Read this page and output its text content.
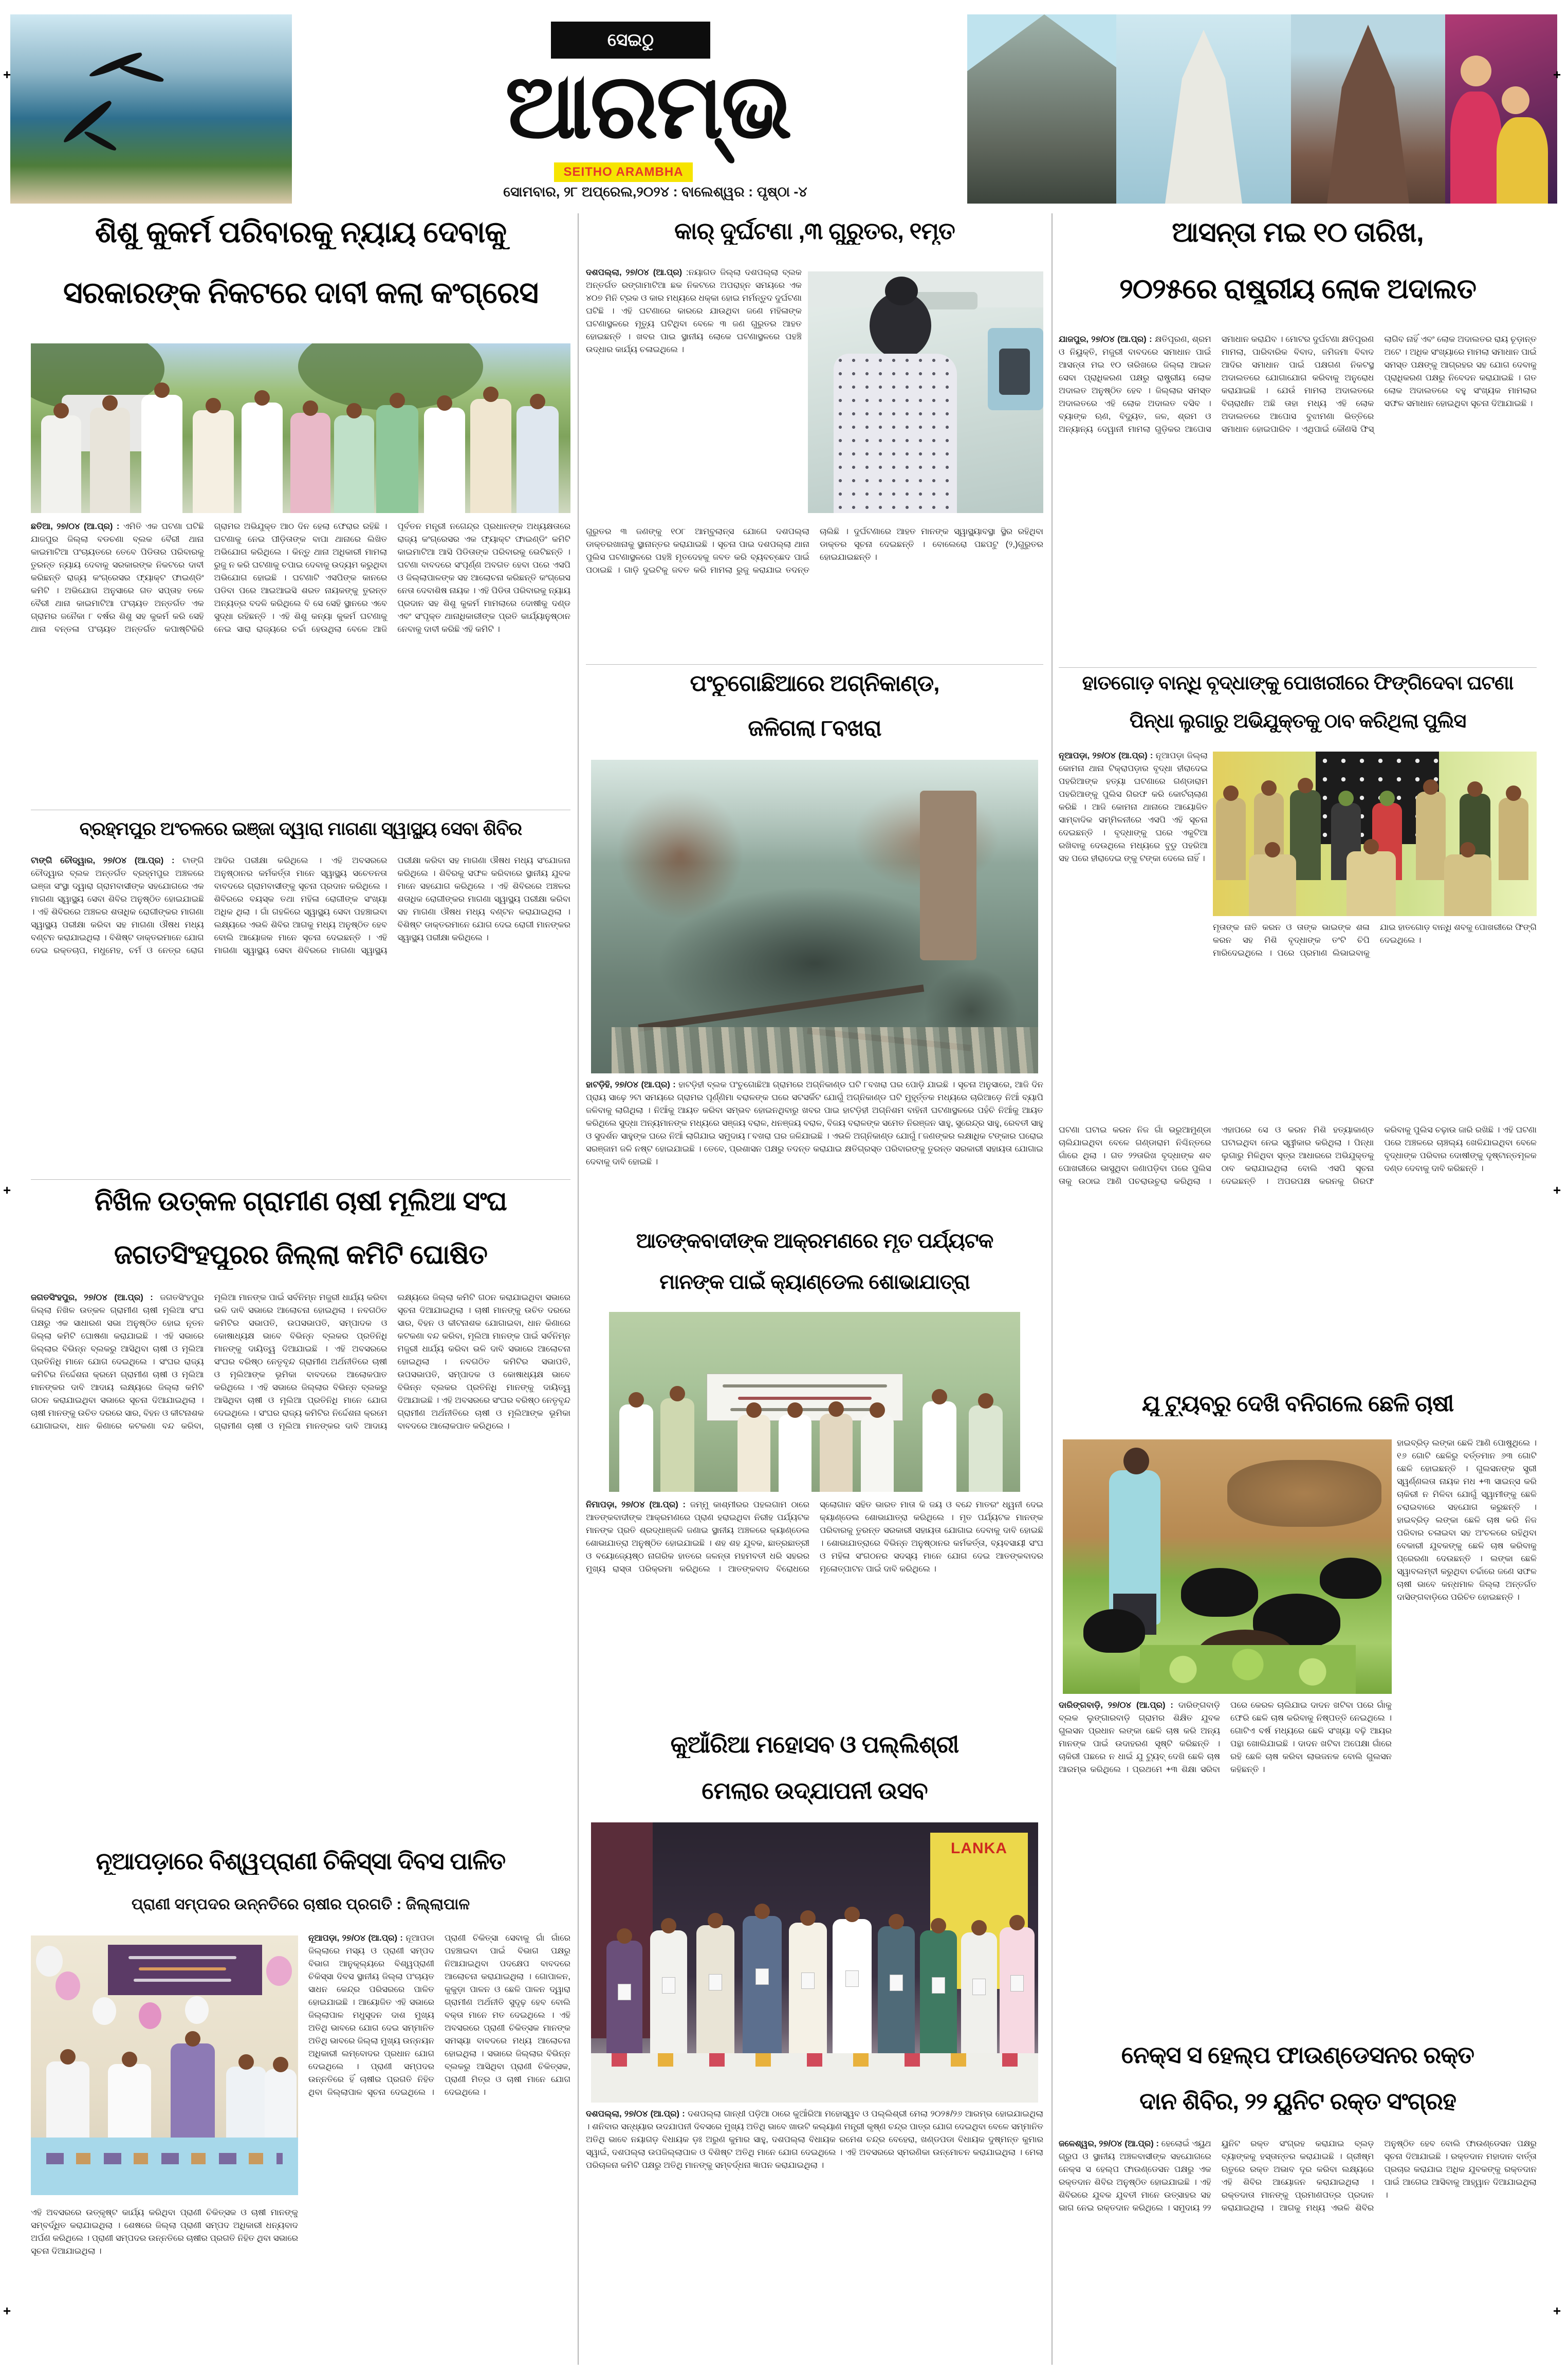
ସେଇଠୁ
ଆରମ୍ଭ
SEITHO ARAMBHA
ସୋମବାର, ୨୮ ଅପ୍ରେଲ,୨୦୨୪ : ବାଲେଶ୍ୱର : ପୃଷ୍ଠା -୪
+	+
+	+
+	+
ଶିଶୁ କୁକର୍ମ ପରିବାରକୁ ନ୍ୟାୟ ଦେବାକୁ
ସରକାରଙ୍କ ନିକଟରେ ଦାବୀ କଲା କଂଗ୍ରେସ
ଛତିଆ, ୨୭/୦୪ (ଆ.ପ୍ର) : ଏମିତି ଏକ ଘଟଣା ଘଟିଛି ଯାଜପୁର ଜିଲ୍ଲା ବଡଚଣା ବ୍ଲକ ବୈରୀ ଥାନା କାଇମାଟିଆ ପଂଚାୟତରେ ତେବେ ପିଡିତାର ପରିବାରକୁ ତୁରନ୍ତ ନ୍ୟାୟ ଦେବାକୁ ସରକାରଙ୍କ ନିକଟରେ ଦାବୀ କରିଛନ୍ତି ରାଜ୍ୟ କଂଗ୍ରେସର ଫ୍ୟାକ୍ଟ ଫାଇଣ୍ଡିଂ କମିଟି । ଅଭିଯୋଗ ଅନୁସାରେ ଗତ ସପ୍ତାହ ତଳେ ବୈରୀ ଥାନା କାଇମାଟିଆ ପଂଚାୟତ ଅନ୍ତର୍ଗତ ଏକ ଗ୍ରାମର ଜନୈକା ୮ ବର୍ଷର ଶିଶୁ ସହ କୁକର୍ମ କରି ସେହି ଥାନା ବନ୍ତଳା ପଂଚାୟତ ଅନ୍ତର୍ଗତ କପାଷ୍ଟିକିରି ଗ୍ରାମର ଅଭିଯୁକ୍ତ ଆଠ ଦିନ ହେଲା ଫେରାର ରହିଛି । ଘଟଣାକୁ ନେଇ ପୀଡ଼ିତାଙ୍କ ବାପା ଥାନାରେ ଲିଖିତ ଅଭିଯୋଗ କରିଥିଲେ । କିନ୍ତୁ ଥାନା ଅଧିକାରୀ ମାମଲା ରୁଜୁ ନ କରି ଘଟଣାକୁ ଚପାଇ ଦେବାକୁ ଉଦ୍ୟମ କରୁଥିବା ଅଭିଯୋଗ ହୋଇଛି । ଘଟଣାଟି ଏସପିଙ୍କ କାନରେ ପଡିବା ପରେ ଆଇଆଇସି ଶରତ ନାୟକଙ୍କୁ ତୁରନ୍ତ ଅନ୍ୟତ୍ର ବଦଳି କରିଥିଲେ ବି ସେ ସେହି ସ୍ଥାନରେ ଏବେ ସୁଦ୍ଧା ରହିଛନ୍ତି । ଏହି ଶିଶୁ କନ୍ୟା କୁକର୍ମ ଘଟଣାକୁ ନେଇ ସାରା ରାଜ୍ୟରେ ଚର୍ଚ୍ଚା ହେଉଥିଲା ବେଳେ ଆଜି ପୂର୍ବତନ ମନ୍ତ୍ରୀ ନଗେନ୍ଦ୍ର ପ୍ରଧାନଙ୍କ ଅଧ୍ୟକ୍ଷତାରେ ରାଜ୍ୟ କଂଗ୍ରେସର ଏକ ଫ୍ୟାକ୍ଟ ଫାଇଣ୍ଡିଂ କମିଟି କାଇମାଟିଆ ଆସି ପିଡିତାଙ୍କ ପରିବାରକୁ ଭେଟିଛନ୍ତି । ଘଟଣା ବାବଦରେ ସଂପୂର୍ଣ୍ଣ ଅବଗତ ହେବା ପରେ ଏସପି ଓ ଜିଲ୍ଲାପାଳଙ୍କ ସହ ଆଲୋଚନା କରିଛନ୍ତି କଂଗ୍ରେସ ନେତା ଦେବାଶିଷ ନାୟକ । ଏହି ପିଡିତା ପରିବାରକୁ ନ୍ୟାୟ ପ୍ରଦାନ ସହ ଶିଶୁ କୁକର୍ମ ମାମଲାରେ ଦୋଷୀକୁ ଦଣ୍ଡ ଏବଂ ସଂପୃକ୍ତ ଥାନାଧିକାରୀଙ୍କ ପ୍ରତି କାର୍ଯ୍ୟାନୁଷ୍ଠାନ ନେବାକୁ ଦାବୀ କରିଛି ଏହି କମିଟି ।
ବ୍ରହ୍ମପୁର ଅଂଚଳରେ ଇଞ୍ଜା ଦ୍ୱାରା ମାଗଣା ସ୍ୱାସ୍ଥ୍ୟ ସେବା ଶିବିର
ଟାଙ୍ଗି ଚୌଦ୍ୱାର, ୨୭/୦୪ (ଆ.ପ୍ର) : ଟାଙ୍ଗି ଚୌଦ୍ୱାର ବ୍ଲକ ଅନ୍ତର୍ଗତ ବ୍ରହ୍ମପୁର ଅଞ୍ଚଳରେ ଇଞ୍ଜା ସଂସ୍ଥା ଦ୍ୱାରା ଗ୍ରାମବାସୀଙ୍କ ସହଯୋଗରେ ଏକ ମାଗଣା ସ୍ୱାସ୍ଥ୍ୟ ସେବା ଶିବିର ଅନୁଷ୍ଠିତ ହୋଇଯାଇଛି । ଏହି ଶିବିରରେ ଅଞ୍ଚଳର ଶତାଧିକ ରୋଗୀଙ୍କର ମାଗଣା ସ୍ୱାସ୍ଥ୍ୟ ପରୀକ୍ଷା କରିବା ସହ ମାଗଣା ଔଷଧ ମଧ୍ୟ ବଣ୍ଟନ କରାଯାଇଥିଲା । ବିଶିଷ୍ଟ ଡାକ୍ତରମାନେ ଯୋଗ ଦେଇ ରକ୍ତଚାପ, ମଧୁମେହ, ଚର୍ମ ଓ ନେତ୍ର ରୋଗ ଆଦିର ପରୀକ୍ଷା କରିଥିଲେ । ଏହି ଅବସରରେ ଅନୁଷ୍ଠାନର କର୍ମକର୍ତ୍ତା ମାନେ ସ୍ୱାସ୍ଥ୍ୟ ସଚେତନତା ବାବଦରେ ଗ୍ରାମବାସୀଙ୍କୁ ସୂଚନା ପ୍ରଦାନ କରିଥିଲେ । ଶିବିରରେ ବୟସ୍କ ତଥା ମହିଳା ରୋଗୀଙ୍କ ସଂଖ୍ୟା ଅଧିକ ଥିଲା । ଗାଁ ଗହଳିରେ ସ୍ୱାସ୍ଥ୍ୟ ସେବା ପହଞ୍ଚାଇବା ଲକ୍ଷ୍ୟରେ ଏଭଳି ଶିବିର ଆଗକୁ ମଧ୍ୟ ଅନୁଷ୍ଠିତ ହେବ ବୋଲି ଆୟୋଜକ ମାନେ ସୂଚନା ଦେଇଛନ୍ତି । ଏହି ମାଗଣା ସ୍ୱାସ୍ଥ୍ୟ ସେବା ଶିବିରରେ ମାଗଣା ସ୍ୱାସ୍ଥ୍ୟ ପରୀକ୍ଷା କରିବା ସହ ମାଗଣା ଔଷଧ ମଧ୍ୟ ସଂଯୋଜନା କରିଥିଲେ । ଶିବିରକୁ ସଫଳ କରିବାରେ ସ୍ଥାନୀୟ ଯୁବକ ମାନେ ସହଯୋଗ କରିଥିଲେ । ଏହି ଶିବିରରେ ଅଞ୍ଚଳର ଶତାଧିକ ରୋଗୀଙ୍କର ମାଗଣା ସ୍ୱାସ୍ଥ୍ୟ ପରୀକ୍ଷା କରିବା ସହ ମାଗଣା ଔଷଧ ମଧ୍ୟ ବଣ୍ଟନ କରାଯାଇଥିଲା । ବିଶିଷ୍ଟ ଡାକ୍ତରମାନେ ଯୋଗ ଦେଇ ରୋଗୀ ମାନଙ୍କର ସ୍ୱାସ୍ଥ୍ୟ ପରୀକ୍ଷା କରିଥିଲେ ।
ନିଖିଳ ଉତ୍କଳ ଗ୍ରାମୀଣ ଚାଷୀ ମୂଲିଆ ସଂଘ
ଜଗତସିଂହପୁରର ଜିଲ୍ଲା କମିଟି ଘୋଷିତ
ଜଗତସିଂହପୁର, ୨୭/୦୪ (ଆ.ପ୍ର) : ଜଗତସିଂହପୁର ଜିଲ୍ଲା ନିଖିଳ ଉତ୍କଳ ଗ୍ରାମୀଣ ଚାଷୀ ମୂଲିଆ ସଂଘ ପକ୍ଷରୁ ଏକ ସାଧାରଣ ସଭା ଅନୁଷ୍ଠିତ ହୋଇ ନୂତନ ଜିଲ୍ଲା କମିଟି ଘୋଷଣା କରାଯାଇଛି । ଏହି ସଭାରେ ଜିଲ୍ଲାର ବିଭିନ୍ନ ବ୍ଲକରୁ ଆସିଥିବା ଚାଷୀ ଓ ମୂଲିଆ ପ୍ରତିନିଧି ମାନେ ଯୋଗ ଦେଇଥିଲେ । ସଂଘର ରାଜ୍ୟ କମିଟିର ନିର୍ଦ୍ଦେଶନା କ୍ରମେ ଗ୍ରାମୀଣ ଚାଷୀ ଓ ମୂଲିଆ ମାନଙ୍କର ଦାବି ଆଦାୟ ଲକ୍ଷ୍ୟରେ ଜିଲ୍ଲା କମିଟି ଗଠନ କରାଯାଇଥିବା ସଭାରେ ସୂଚନା ଦିଆଯାଇଥିଲା । ଚାଷୀ ମାନଙ୍କୁ ଉଚିତ ଦରରେ ସାର, ବିହନ ଓ କୀଟନାଶକ ଯୋଗାଇବା, ଧାନ କିଣାରେ କଟକଣା ବନ୍ଦ କରିବା, ମୂଲିଆ ମାନଙ୍କ ପାଇଁ ସର୍ବନିମ୍ନ ମଜୁରୀ ଧାର୍ଯ୍ୟ କରିବା ଭଳି ଦାବି ସଭାରେ ଆଲୋଚନା ହୋଇଥିଲା । ନବଗଠିତ କମିଟିର ସଭାପତି, ଉପସଭାପତି, ସମ୍ପାଦକ ଓ କୋଷାଧ୍ୟକ୍ଷ ଭାବେ ବିଭିନ୍ନ ବ୍ଲକର ପ୍ରତିନିଧି ମାନଙ୍କୁ ଦାୟିତ୍ୱ ଦିଆଯାଇଛି । ଏହି ଅବସରରେ ସଂଘର ବରିଷ୍ଠ ନେତୃବୃନ୍ଦ ଗ୍ରାମୀଣ ଅର୍ଥନୀତିରେ ଚାଷୀ ଓ ମୂଲିଆଙ୍କ ଭୂମିକା ବାବଦରେ ଆଲୋକପାତ କରିଥିଲେ । ଏହି ସଭାରେ ଜିଲ୍ଲାର ବିଭିନ୍ନ ବ୍ଲକରୁ ଆସିଥିବା ଚାଷୀ ଓ ମୂଲିଆ ପ୍ରତିନିଧି ମାନେ ଯୋଗ ଦେଇଥିଲେ । ସଂଘର ରାଜ୍ୟ କମିଟିର ନିର୍ଦ୍ଦେଶନା କ୍ରମେ ଗ୍ରାମୀଣ ଚାଷୀ ଓ ମୂଲିଆ ମାନଙ୍କର ଦାବି ଆଦାୟ ଲକ୍ଷ୍ୟରେ ଜିଲ୍ଲା କମିଟି ଗଠନ କରାଯାଇଥିବା ସଭାରେ ସୂଚନା ଦିଆଯାଇଥିଲା । ଚାଷୀ ମାନଙ୍କୁ ଉଚିତ ଦରରେ ସାର, ବିହନ ଓ କୀଟନାଶକ ଯୋଗାଇବା, ଧାନ କିଣାରେ କଟକଣା ବନ୍ଦ କରିବା, ମୂଲିଆ ମାନଙ୍କ ପାଇଁ ସର୍ବନିମ୍ନ ମଜୁରୀ ଧାର୍ଯ୍ୟ କରିବା ଭଳି ଦାବି ସଭାରେ ଆଲୋଚନା ହୋଇଥିଲା । ନବଗଠିତ କମିଟିର ସଭାପତି, ଉପସଭାପତି, ସମ୍ପାଦକ ଓ କୋଷାଧ୍ୟକ୍ଷ ଭାବେ ବିଭିନ୍ନ ବ୍ଲକର ପ୍ରତିନିଧି ମାନଙ୍କୁ ଦାୟିତ୍ୱ ଦିଆଯାଇଛି । ଏହି ଅବସରରେ ସଂଘର ବରିଷ୍ଠ ନେତୃବୃନ୍ଦ ଗ୍ରାମୀଣ ଅର୍ଥନୀତିରେ ଚାଷୀ ଓ ମୂଲିଆଙ୍କ ଭୂମିକା ବାବଦରେ ଆଲୋକପାତ କରିଥିଲେ ।
ନୂଆପଡ଼ାରେ ବିଶ୍ୱପ୍ରାଣୀ ଚିକିସ୍ସା ଦିବସ ପାଳିତ
ପ୍ରାଣୀ ସମ୍ପଦର ଉନ୍ନତିରେ ଚାଷୀର ପ୍ରଗତି : ଜିଲ୍ଲାପାଳ
ନୂଆପଡ଼ା, ୨୭/୦୪ (ଆ.ପ୍ର) : ନୂଆପଡା ଜିଲ୍ଲାରେ ମସ୍ୟ ଓ ପ୍ରାଣୀ ସମ୍ପଦ ବିଭାଗ ଆନୁକୂଲ୍ୟରେ ବିଶ୍ୱପ୍ରାଣୀ ଚିକିସ୍ସା ଦିବସ ସ୍ଥାନୀୟ ଜିଲ୍ଲା ପଂଚାୟତ ସାଧନ କେନ୍ଦ୍ର ପରିସରରେ ପାଳିତ ହୋଇଯାଇଛି । ଆୟୋଜିତ ଏହି ସଭାରେ ଜିଲ୍ଲାପାଳ ମଧୁସୂଦନ ଦାଶ ମୁଖ୍ୟ ଅତିଥି ଭାବରେ ଯୋଗ ଦେଇ ସମ୍ମାନିତ ଅତିଥି ଭାବରେ ଜିଲ୍ଲା ମୁଖ୍ୟ ଉନ୍ନୟନ ଅଧିକାରୀ ଲମ୍ବୋଦର ପ୍ରଧାନ ଯୋଗ ଦେଇଥିଲେ । ପ୍ରାଣୀ ସମ୍ପଦର ଉନ୍ନତିରେ ହିଁ ଚାଷୀର ପ୍ରଗତି ନିହିତ ଥିବା ଜିଲ୍ଲାପାଳ ସୂଚନା ଦେଇଥିଲେ । ପ୍ରାଣୀ ଚିକିତ୍ସା ସେବାକୁ ଗାଁ ଗାଁରେ ପହଞ୍ଚାଇବା ପାଇଁ ବିଭାଗ ପକ୍ଷରୁ ନିଆଯାଇଥିବା ପଦକ୍ଷେପ ବାବଦରେ ଆଲୋଚନା କରାଯାଇଥିଲା । ଗୋପାଳନ, କୁକୁଡ଼ା ପାଳନ ଓ ଛେଳି ପାଳନ ଦ୍ୱାରା ଗ୍ରାମୀଣ ଅର୍ଥନୀତି ସୁଦୃଢ଼ ହେବ ବୋଲି ବକ୍ତା ମାନେ ମତ ଦେଇଥିଲେ । ଏହି ଅବସରରେ ପ୍ରାଣୀ ଚିକିତ୍ସକ ମାନଙ୍କ ସମସ୍ୟା ବାବଦରେ ମଧ୍ୟ ଆଲୋଚନା ହୋଇଥିଲା । ସଭାରେ ଜିଲ୍ଲାର ବିଭିନ୍ନ ବ୍ଲକରୁ ଆସିଥିବା ପ୍ରାଣୀ ଚିକିତ୍ସକ, ପ୍ରାଣୀ ମିତ୍ର ଓ ଚାଷୀ ମାନେ ଯୋଗ ଦେଇଥିଲେ ।
ଏହି ଅବସରରେ ଉତ୍କୃଷ୍ଟ କାର୍ଯ୍ୟ କରିଥିବା ପ୍ରାଣୀ ଚିକିତ୍ସକ ଓ ଚାଷୀ ମାନଙ୍କୁ ସମ୍ବର୍ଦ୍ଧିତ କରାଯାଇଥିଲା । ଶେଷରେ ଜିଲ୍ଲା ପ୍ରାଣୀ ସମ୍ପଦ ଅଧିକାରୀ ଧନ୍ୟବାଦ ଅର୍ପଣ କରିଥିଲେ । ପ୍ରାଣୀ ସମ୍ପଦର ଉନ୍ନତିରେ ଚାଷୀର ପ୍ରଗତି ନିହିତ ଥିବା ସଭାରେ ସୂଚନା ଦିଆଯାଇଥିଲା ।
କାର୍ ଦୁର୍ଘଟଣା ,୩ ଗୁରୁତର, ୧ମୃତ
ଦଶପଲ୍ଲା, ୨୭/୦୪ (ଆ.ପ୍ର) :ନୟାଗଡ ଜିଲ୍ଲା ଦଶପଲ୍ଲା ବ୍ଲକ ଅନ୍ତର୍ଗତ ରଙ୍ଗାମାଟିଆ ଛକ ନିକଟରେ ଅପରାହ୍ନ ସମୟରେ ଏକ ୪୦୭ ମିନି ଟ୍ରକ ଓ କାର ମଧ୍ୟରେ ଧକ୍କା ହୋଇ ମର୍ମନ୍ତୁଦ ଦୁର୍ଘଟଣା ଘଟିଛି । ଏହି ଘଟଣାରେ କାରରେ ଯାଉଥିବା ଜଣେ ମହିଳାଙ୍କ ଘଟଣାସ୍ଥଳରେ ମୃତ୍ୟୁ ଘଟିଥିବା ବେଳେ ୩ ଜଣ ଗୁରୁତର ଆହତ ହୋଇଛନ୍ତି । ଖବର ପାଇ ସ୍ଥାନୀୟ ଲୋକେ ଘଟଣାସ୍ଥଳରେ ପହଞ୍ଚି ଉଦ୍ଧାର କାର୍ଯ୍ୟ ଚଳାଇଥିଲେ ।
ଗୁରୁତର ୩ ଜଣଙ୍କୁ ୧୦୮ ଆମ୍ବୁଲାନ୍ସ ଯୋଗେ ଦଶପଲ୍ଲା ଡାକ୍ତରଖାନାକୁ ସ୍ଥାନାନ୍ତର କରାଯାଇଛି । ସୂଚନା ପାଇ ଦଶପଲ୍ଲା ଥାନା ପୁଲିସ ଘଟଣାସ୍ଥଳରେ ପହଞ୍ଚି ମୃତଦେହକୁ ଜବତ କରି ବ୍ୟବଚ୍ଛେଦ ପାଇଁ ପଠାଇଛି । ଗାଡ଼ି ଦୁଇଟିକୁ ଜବତ କରି ମାମଲା ରୁଜୁ କରାଯାଇ ତଦନ୍ତ ଚାଲିଛି । ଦୁର୍ଘଟଣାରେ ଆହତ ମାନଙ୍କ ସ୍ୱାସ୍ଥ୍ୟାବସ୍ଥା ସ୍ଥିର ରହିଥିବା ଡାକ୍ତର ସୂଚନା ଦେଇଛନ୍ତି । ବୋଲେରୋ ପଛପଟୁ (୨,)ଗୁରୁତର ହୋଇଯାଇଛନ୍ତି ।
ପଂଚୁଗୋଛିଆରେ ଅଗ୍ନିକାଣ୍ଡ,
ଜଳିଗଲା ୮ବଖରା
ହାଟଡ଼ିହି, ୨୭/୦୪ (ଆ.ପ୍ର) : ହାଟଡ଼ିହୀ ବ୍ଲକ ପଂଚୁଗୋଛିଆ ଗ୍ରାମରେ ଅଗ୍ନିକାଣ୍ଡ ଘଟି ୮ବଖରା ଘର ପୋଡ଼ି ଯାଇଛି । ସୂଚନା ଅନୁସାରେ, ଆଜି ଦିନ ପ୍ରାୟ ସାଢ଼େ ୨ଟା ସମୟରେ ଗ୍ରାମର ପୂର୍ଣ୍ଣିମା ବରାଳଙ୍କ ଘରେ ସଟସର୍କିଟ ଯୋଗୁଁ ଅଗ୍ନିକାଣ୍ଡ ଘଟି ମୁହୂର୍ତ୍ତକ ମଧ୍ୟରେ ଚାରିଆଡ଼େ ନିଆଁ ବ୍ୟାପି ଜଳିବାକୁ ଲାଗିଥିଲା । ନିଆଁକୁ ଆୟତ କରିବା ସମ୍ଭବ ହୋଇନଥିବାରୁ ଖବର ପାଇ ହାଟଡ଼ିହୀ ଅଗ୍ନିଶମ ବାହିନୀ ଘଟଣାସ୍ଥଳରେ ପହଁଚି ନିଆଁକୁ ଆୟତ କରିଥିଲେ ସୁଦ୍ଧା ଅନ୍ୟମାନଙ୍କ ମଧ୍ୟରେ ସଞ୍ଜୟ ବରାଳ, ଧନଞ୍ଜୟ ବରାଳ, ବିଜୟ ବରାଳଙ୍କ ସମେତ ନିରଞ୍ଜନ ସାହୁ, ସୁରେନ୍ଦ୍ର ସାହୁ, ରେବତୀ ସାହୁ ଓ ସୁଦର୍ଶନ ସାହୁଙ୍କ ଘରେ ନିଆଁ ଲାଗିଯାଇ ସମୁଦାୟ ୮ବଖରା ଘର ଜଳିଯାଇଛି । ଏଭଳି ଅଗ୍ନିକାଣ୍ଡ ଯୋଗୁଁ ୮ଜଣଙ୍କର ଲକ୍ଷାଧିକ ଟଙ୍କାର ଘରୋଇ ସରଞ୍ଜାମ ଜଳି ନଷ୍ଟ ହୋଇଯାଇଛି । ତେବେ, ପ୍ରଶାସନ ପକ୍ଷରୁ ତଦନ୍ତ କରାଯାଇ କ୍ଷତିଗ୍ରସ୍ତ ପରିବାରଙ୍କୁ ତୁରନ୍ତ ସରକାରୀ ସହାୟତା ଯୋଗାଇ ଦେବାକୁ ଦାବି ହୋଇଛି ।
ଆତଙ୍କବାଦୀଙ୍କ ଆକ୍ରମଣରେ ମୃତ ପର୍ଯ୍ୟଟକ
ମାନଙ୍କ ପାଇଁ କ୍ୟାଣ୍ଡେଲ ଶୋଭାଯାତ୍ରା
ନିମାପଡ଼ା, ୨୭/୦୪ (ଆ.ପ୍ର) : ଜମ୍ମୁ କାଶ୍ମୀରର ପହଲଗାମ ଠାରେ ଆତଙ୍କବାଦୀଙ୍କ ଆକ୍ରମଣରେ ପ୍ରାଣ ହରାଇଥିବା ନିରୀହ ପର୍ଯ୍ୟଟକ ମାନଙ୍କ ପ୍ରତି ଶ୍ରଦ୍ଧାଞ୍ଜଳି ଜଣାଇ ସ୍ଥାନୀୟ ଅଞ୍ଚଳରେ କ୍ୟାଣ୍ଡେଲ ଶୋଭାଯାତ୍ରା ଅନୁଷ୍ଠିତ ହୋଇଯାଇଛି । ଶହ ଶହ ଯୁବକ, ଛାତ୍ରଛାତ୍ରୀ ଓ ବୟୋଜ୍ୟେଷ୍ଠ ନାଗରିକ ହାତରେ ଜଳନ୍ତା ମହମବତୀ ଧରି ସହରର ମୁଖ୍ୟ ରାସ୍ତା ପରିକ୍ରମା କରିଥିଲେ । ଆତଙ୍କବାଦ ବିରୋଧରେ ସ୍ଲୋଗାନ ସହିତ ଭାରତ ମାତା କି ଜୟ ଓ ବନ୍ଦେ ମାତରଂ ଧ୍ୱନୀ ଦେଇ କ୍ୟାଣ୍ଡେଲ ଶୋଭାଯାତ୍ରା କରିଥିଲେ । ମୃତ ପର୍ଯ୍ୟଟକ ମାନଙ୍କ ପରିବାରକୁ ତୁରନ୍ତ ସରକାରୀ ସହାୟତା ଯୋଗାଇ ଦେବାକୁ ଦାବି ହୋଇଛି । ଶୋଭାଯାତ୍ରାରେ ବିଭିନ୍ନ ଅନୁଷ୍ଠାନର କର୍ମକର୍ତ୍ତା, ବ୍ୟବସାୟୀ ସଂଘ ଓ ମହିଳା ସଂଗଠନର ସଦସ୍ୟ ମାନେ ଯୋଗ ଦେଇ ଆତଙ୍କବାଦର ମୂଳୋତ୍ପାଟନ ପାଇଁ ଦାବି କରିଥିଲେ ।
କୁଆଁରିଆ ମହୋସବ ଓ ପଲ୍ଲିଶ୍ରୀ
ମେଲାର ଉଦ୍ଯାପନୀ ଉସବ
LANKA
ଦଶପଲ୍ଲା, ୨୭/୦୪ (ଆ.ପ୍ର) : ଦଶପଲ୍ଲା ଗାନ୍ଧୀ ପଡ଼ିଆ ଠାରେ କୁଆଁରିଆ ମହୋସ୍ୱବ ଓ ପଲ୍ଲିଶ୍ରୀ ମେଲା ୨୦୨୫/୨୬ ଆରମ୍ଭ ହୋଇଯାଇଥିଲା । ଶନିବାର ସନ୍ଧ୍ୟାର ଉଦଯାପନୀ ଦିବସରେ ମୁଖ୍ୟ ଅତିଥି ଭାବେ ଖାଉଟି କଲ୍ୟାଣ ମନ୍ତ୍ରୀ କୃଷ୍ଣ ଚନ୍ଦ୍ର ପାତ୍ର ଯୋଗ ଦେଇଥିବା ବେଳେ ସମ୍ମାନିତ ଅତିଥି ଭାବେ ନୟାଗଡ଼ ବିଧାୟକ ଡ଼ଃ ଅରୁଣ କୁମାର ସାହୁ, ଦଶପଲ୍ଲା ବିଧାୟକ ରମେଶ ଚନ୍ଦ୍ର ବେହେରା, ଖଣ୍ଡପଡା ବିଧାୟକ ଦୁଷ୍ମନ୍ତ କୁମାର ସ୍ୱାଇଁ, ଦଶପଲ୍ଲା ଉପଜିଲ୍ଲାପାଳ ଓ ବିଶିଷ୍ଟ ଅତିଥି ମାନେ ଯୋଗ ଦେଇଥିଲେ । ଏହି ଅବସରରେ ସ୍ମରଣିକା ଉନ୍ମୋଚନ କରାଯାଇଥିଲା । ମେଲା ପରିଚାଳନା କମିଟି ପକ୍ଷରୁ ଅତିଥି ମାନଙ୍କୁ ସମ୍ବର୍ଦ୍ଧନା ଜ୍ଞାପନ କରାଯାଇଥିଲା ।
ଆସନ୍ତା ମଇ ୧୦ ତାରିଖ,
୨୦୨୫ରେ ରାଷ୍ଟ୍ରୀୟ ଲୋକ ଅଦାଲତ
ଯାଜପୁର, ୨୭/୦୪ (ଆ.ପ୍ର) : କ୍ଷତିପୂରଣ, ଶ୍ରମ ଓ ନିୟୁକ୍ତି, ମଜୁରୀ ବାବଦରେ ସମାଧାନ ପାଇଁ ଆସନ୍ତା ମଇ ୧୦ ତାରିଖରେ ଜିଲ୍ଲା ଆଇନ ସେବା ପ୍ରାଧିକରଣ ପକ୍ଷରୁ ରାଷ୍ଟ୍ରୀୟ ଲୋକ ଅଦାଲତ ଅନୁଷ୍ଠିତ ହେବ । ଜିଲ୍ଲାର ସମସ୍ତ ଅଦାଲତରେ ଏହି ଲୋକ ଅଦାଲତ ବସିବ । ବ୍ୟାଙ୍କ ଋଣ, ବିଦ୍ୟୁତ, ଜଳ, ଶ୍ରମ ଓ ଅନ୍ୟାନ୍ୟ ଦେୱାନୀ ମାମଲା ଗୁଡ଼ିକର ଆପୋସ ସମାଧାନ କରାଯିବ । ମୋଟର ଦୁର୍ଘଟଣା କ୍ଷତିପୂରଣ ମାମଲା, ପାରିବାରିକ ବିବାଦ, ଜମିଜମା ବିବାଦ ଆଦିର ସମାଧାନ ପାଇଁ ପକ୍ଷଗଣ ନିକଟସ୍ଥ ଅଦାଲତରେ ଯୋଗାଯୋଗ କରିବାକୁ ଅନୁରୋଧ କରାଯାଇଛି । ଯେଉଁ ମାମଲା ଅଦାଲତରେ ବିଚାରାଧୀନ ଅଛି ତାହା ମଧ୍ୟ ଏହି ଲୋକ ଅଦାଲତରେ ଆପୋସ ବୁଝାମଣା ଭିତ୍ତିରେ ସମାଧାନ ହୋଇପାରିବ । ଏଥିପାଇଁ କୌଣସି ଫିସ୍ ଲାଗିବ ନାହିଁ ଏବଂ ଲୋକ ଅଦାଲତର ରାୟ ଚୂଡ଼ାନ୍ତ ଅଟେ । ଅଧିକ ସଂଖ୍ୟାରେ ମାମଲା ସମାଧାନ ପାଇଁ ସମସ୍ତ ପକ୍ଷଙ୍କୁ ଆଗ୍ରହର ସହ ଯୋଗ ଦେବାକୁ ପ୍ରାଧିକରଣ ପକ୍ଷରୁ ନିବେଦନ କରାଯାଇଛି । ଗତ ଲୋକ ଅଦାଲତରେ ବହୁ ସଂଖ୍ୟକ ମାମଲାର ସଫଳ ସମାଧାନ ହୋଇଥିବା ସୂଚନା ଦିଆଯାଇଛି ।
ହାତଗୋଡ଼ ବାନ୍ଧି ବୃଦ୍ଧାଙ୍କୁ ପୋଖରୀରେ ଫିଙ୍ଗିଦେବା ଘଟଣା
ପିନ୍ଧା ଲୁଗାରୁ ଅଭିଯୁକ୍ତକୁ ଠାବ କରିଥିଲା ପୁଲିସ
ନୂଆପଡ଼ା, ୨୭/୦୪ (ଆ.ପ୍ର) : ନୂଆପଡ଼ା ଜିଲ୍ଲା କୋମନା ଥାନା ଟିକ୍ରାପଡ଼ାର ବୃଦ୍ଧା ହୀରାଦେଇ ପହରିଆଙ୍କ ହତ୍ୟା ଘଟଣାରେ ଗଣ୍ଡାରାମ ପହରିଆଙ୍କୁ ପୁଲିସ ଗିରଫ କରି କୋର୍ଟଚାଲାଣ କରିଛି । ଆଜି କୋମନା ଥାନାରେ ଆୟୋଜିତ ସାମ୍ବାଦିକ ସମ୍ମିଳନୀରେ ଏସପି ଏହି ସୂଚନା ଦେଇଛନ୍ତି । ବୃଦ୍ଧାଙ୍କୁ ଘରେ ଏକୁଟିଆ ରଖିବାକୁ ଦେଉଥିଲେ ମଧ୍ୟରେ ବୁଡୁ ପହରିଆ ସହ ପରେ ହୀରାଦେଇ ଙ୍କୁ ଟଙ୍କା ଦେଲେ ନାହିଁ ।
ମୃତାଙ୍କ ନାତି କରନ ଓ ତାଙ୍କ ଭାଇଙ୍କ ଶଳା କରନ ସହ ମିଶି ବୃଦ୍ଧାଙ୍କ ତଂଟି ଚିପି ମାରିଦେଇଥିଲେ । ପରେ ପ୍ରମାଣ ଲିଭାଇବାକୁ ଯାଇ ହାତଗୋଡ଼ ବାନ୍ଧି ଶବକୁ ପୋଖରୀରେ ଫିଙ୍ଗି ଦେଇଥିଲେ ।
ଘଟଣା ଘଟାଇ କରନ ନିଜ ଗାଁ ଭରୁଆମୁଣ୍ଡା ଚାଲିଯାଇଥିବା ବେଳେ ଗଣ୍ଡାରାମ ନିଶ୍ଚିନ୍ତରେ ଗାଁରେ ଥିଲା । ଗତ ୨୨ତାରିଖ ବୃଦ୍ଧାଙ୍କ ଶବ ପୋଖରୀରେ ଭାସୁଥିବା ଜଣାପଡ଼ିବା ପରେ ପୁଲିସ ତାକୁ ଉଠାଇ ଆଣି ପଚରାଉଚୁରା କରିଥିଲା । ଏହାପରେ ସେ ଓ କରନ ମିଶି ହତ୍ୟାକାଣ୍ଡ ଘଟାଇଥିବା ନେଇ ସ୍ୱୀକାର କରିଥିଲା । ପିନ୍ଧା ଲୁଗାରୁ ମିଳିଥିବା ସୂତ୍ର ଆଧାରରେ ଅଭିଯୁକ୍ତକୁ ଠାବ କରାଯାଇଥିଲା ବୋଲି ଏସପି ସୂଚନା ଦେଇଛନ୍ତି । ଅପରପକ୍ଷ କରନକୁ ଗିରଫ କରିବାକୁ ପୁଲିସ ଚଢ଼ାଉ ଜାରି ରଖିଛି । ଏହି ଘଟଣା ପରେ ଅଞ୍ଚଳରେ ଚାଞ୍ଚଲ୍ୟ ଖେଳିଯାଇଥିବା ବେଳେ ବୃଦ୍ଧାଙ୍କ ପରିବାର ଦୋଷୀଙ୍କୁ ଦୃଷ୍ଟାନ୍ତମୂଳକ ଦଣ୍ଡ ଦେବାକୁ ଦାବି କରିଛନ୍ତି ।
ଯୁ ଟ୍ୟୁବ୍ରୁ ଦେଖି ବନିଗଲେ ଛେଳି ଚାଷୀ
ହାଇବ୍ରିଡ଼ ଲଙ୍କା ଛେଳି ଆଣି ପୋଷୁଥିଲେ । ୧୬ ଗୋଟି ଛେଳିରୁ ବର୍ତ୍ତମାନ ୬୩ ଗୋଟି ଛେଳି ହୋଇଛନ୍ତି । ଗୁଲସନଙ୍କ ସ୍ତ୍ରୀ ସ୍ୱର୍ଣ୍ଣଲତା ନାୟକ ମଧ +୩ ସାଇନ୍ସ କରି ଚାକିରୀ ନ ମିଳିବା ଯୋଗୁଁ ସ୍ୱାମୀଙ୍କୁ ଛେଳି ଚରାଇବାରେ ସହଯୋଗ କରୁଛନ୍ତି । ହାଇବ୍ରିଡ଼ ଲଙ୍କା ଛେଳି ଚାଷ କରି ନିଜ ପରିବାର ଚଳାଇବା ସହ ଅଂଚଳରେ ରହିଥିବା ବେକାରୀ ଯୁବକଙ୍କୁ ଛେଳି ଚାଷ କରିବାକୁ ପ୍ରେରଣା ଦେଉଛନ୍ତି । ଲଙ୍କା ଛେଳି ସ୍ୱାବଲମ୍ବୀ କରୁଥିବା ଚର୍ଚ୍ଚାରେ ଜଣେ ସଫଳ ଚାଷୀ ଭାବେ କନ୍ଧମାଳ ଜିଲ୍ଲା ଅନ୍ତର୍ଗତ ଦାସିଙ୍ଗବାଡ଼ିରେ ପରିଚିତ ହୋଇଛନ୍ତି ।
ଦାରିଙ୍ଗବାଡ଼ି, ୨୭/୦୪ (ଆ.ପ୍ର) : ଦାରିଙ୍ଗବାଡ଼ି ବ୍ଲକ ଲୁଙ୍ଗାରବାଡ଼ି ଗ୍ରାମର ଶିକ୍ଷିତ ଯୁବକ ଗୁଲସନ ପ୍ରଧାନ ଲଙ୍କା ଛେଳି ଚାଷ କରି ଅନ୍ୟ ମାନଙ୍କ ପାଇଁ ଉଦାହରଣ ସୃଷ୍ଟି କରିଛନ୍ତି । ଚାକିରୀ ପଛରେ ନ ଧାଇଁ ଯୁ ଟ୍ୟୁବ୍ ଦେଖି ଛେଳି ଚାଷ ଆରମ୍ଭ କରିଥିଲେ । ପ୍ରଥମେ +୩ ଶିକ୍ଷା ସରିବା ପରେ କେରଳ ଚାଲିଯାଇ ଦାଦନ ଖଟିବା ପରେ ଗାଁକୁ ଫେରି ଛେଳି ଚାଷ କରିବାକୁ ନିଷ୍ପତ୍ତି ନେଇଥିଲେ । ଗୋଟିଏ ବର୍ଷ ମଧ୍ୟରେ ଛେଳି ସଂଖ୍ୟା ବଢ଼ି ଆୟର ପନ୍ଥା ଖୋଲିଯାଇଛି । ଦାଦନ ଖଟିବା ଅପେକ୍ଷା ଗାଁରେ ରହି ଛେଳି ଚାଷ କରିବା ଲାଭଜନକ ବୋଲି ଗୁଲସନ କହିଛନ୍ତି ।
ନେକ୍ସ ସ ହେଲ୍ପ ଫାଉଣ୍ଡେସନର ରକ୍ତ
ଦାନ ଶିବିର, ୨୨ ୟୁନିଟ ରକ୍ତ ସଂଗ୍ରହ
ଜଳେଶ୍ୱର, ୨୭/୦୪ (ଆ.ପ୍ର) : ହେଲୋଇଁ ଏୟୁଥ ଗ୍ରୁପ ଓ ସ୍ଥାନୀୟ ଅଞ୍ଚଳବାସୀଙ୍କ ସହଯୋଗରେ ନେକ୍ସ ସ ହେଲ୍ପ ଫାଉଣ୍ଡେସନ ପକ୍ଷରୁ ଏକ ରକ୍ତଦାନ ଶିବିର ଅନୁଷ୍ଠିତ ହୋଇଯାଇଛି । ଏହି ଶିବିରରେ ଯୁବକ ଯୁବତୀ ମାନେ ଉତ୍ସାହର ସହ ଭାଗ ନେଇ ରକ୍ତଦାନ କରିଥିଲେ । ସମୁଦାୟ ୨୨ ୟୁନିଟ ରକ୍ତ ସଂଗ୍ରହ କରାଯାଇ ବ୍ଲଡ଼ ବ୍ୟାଙ୍କକୁ ହସ୍ତାନ୍ତର କରାଯାଇଛି । ଗ୍ରୀଷ୍ମ ଋତୁରେ ରକ୍ତ ଅଭାବ ଦୂର କରିବା ଲକ୍ଷ୍ୟରେ ଏହି ଶିବିର ଆୟୋଜନ କରାଯାଇଥିଲା । ରକ୍ତଦାତା ମାନଙ୍କୁ ପ୍ରମାଣପତ୍ର ପ୍ରଦାନ କରାଯାଇଥିଲା । ଆଗକୁ ମଧ୍ୟ ଏଭଳି ଶିବିର ଅନୁଷ୍ଠିତ ହେବ ବୋଲି ଫାଉଣ୍ଡେସନ ପକ୍ଷରୁ ସୂଚନା ଦିଆଯାଇଛି । ରକ୍ତଦାନ ମହାଦାନ ବାର୍ତ୍ତା ପ୍ରଚାର କରାଯାଇ ଅଧିକ ଯୁବକଙ୍କୁ ରକ୍ତଦାନ ପାଇଁ ଆଗେଇ ଆସିବାକୁ ଆହ୍ୱାନ ଦିଆଯାଇଥିଲା ।
